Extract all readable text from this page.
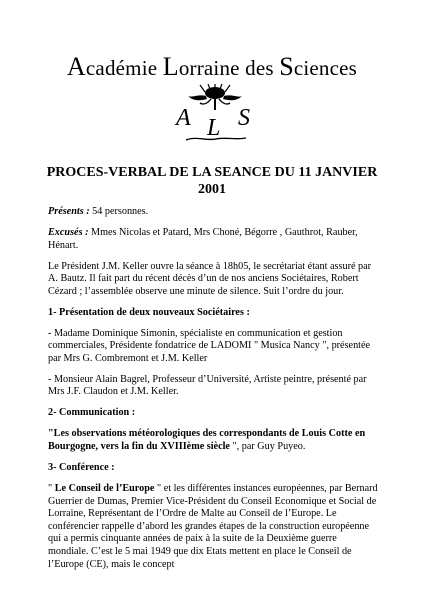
Académie Lorraine des Sciences
A L S
PROCES-VERBAL DE LA SEANCE DU 11 JANVIER
2001

Présents : 54 personnes.

Excusés : Mmes Nicolas et Patard, Mrs Choné, Bégorre , Gauthrot, Rauber, Hénart.

Le Président J.M. Keller ouvre la séance à 18h05, le secrétariat étant assuré par A. Bautz. Il fait part du récent décès d’un de nos anciens Sociétaires, Robert Cézard ; l’assemblée observe une minute de silence. Suit l’ordre du jour.

1- Présentation de deux nouveaux Sociétaires :

- Madame Dominique Simonin, spécialiste en communication et gestion commerciales, Présidente fondatrice de LADOMI " Musica Nancy ", présentée par Mrs G. Combremont et J.M. Keller

- Monsieur Alain Bagrel, Professeur d’Université, Artiste peintre, présenté par Mrs J.F. Claudon et J.M. Keller.

2- Communication :

"Les observations météorologiques des correspondants de Louis Cotte en Bourgogne, vers la fin du XVIIIème siècle ", par Guy Puyeo.

3- Conférence :

" Le Conseil de l’Europe " et les différentes instances européennes, par Bernard Guerrier de Dumas, Premier Vice-Président du Conseil Economique et Social de Lorraine, Représentant de l’Ordre de Malte au Conseil de l’Europe. Le conférencier rappelle d’abord les grandes étapes de la construction européenne qui a permis cinquante années de paix à la suite de la Deuxième guerre mondiale. C’est le 5 mai 1949 que dix Etats mettent en place le Conseil de l’Europe (CE), mais le concept
